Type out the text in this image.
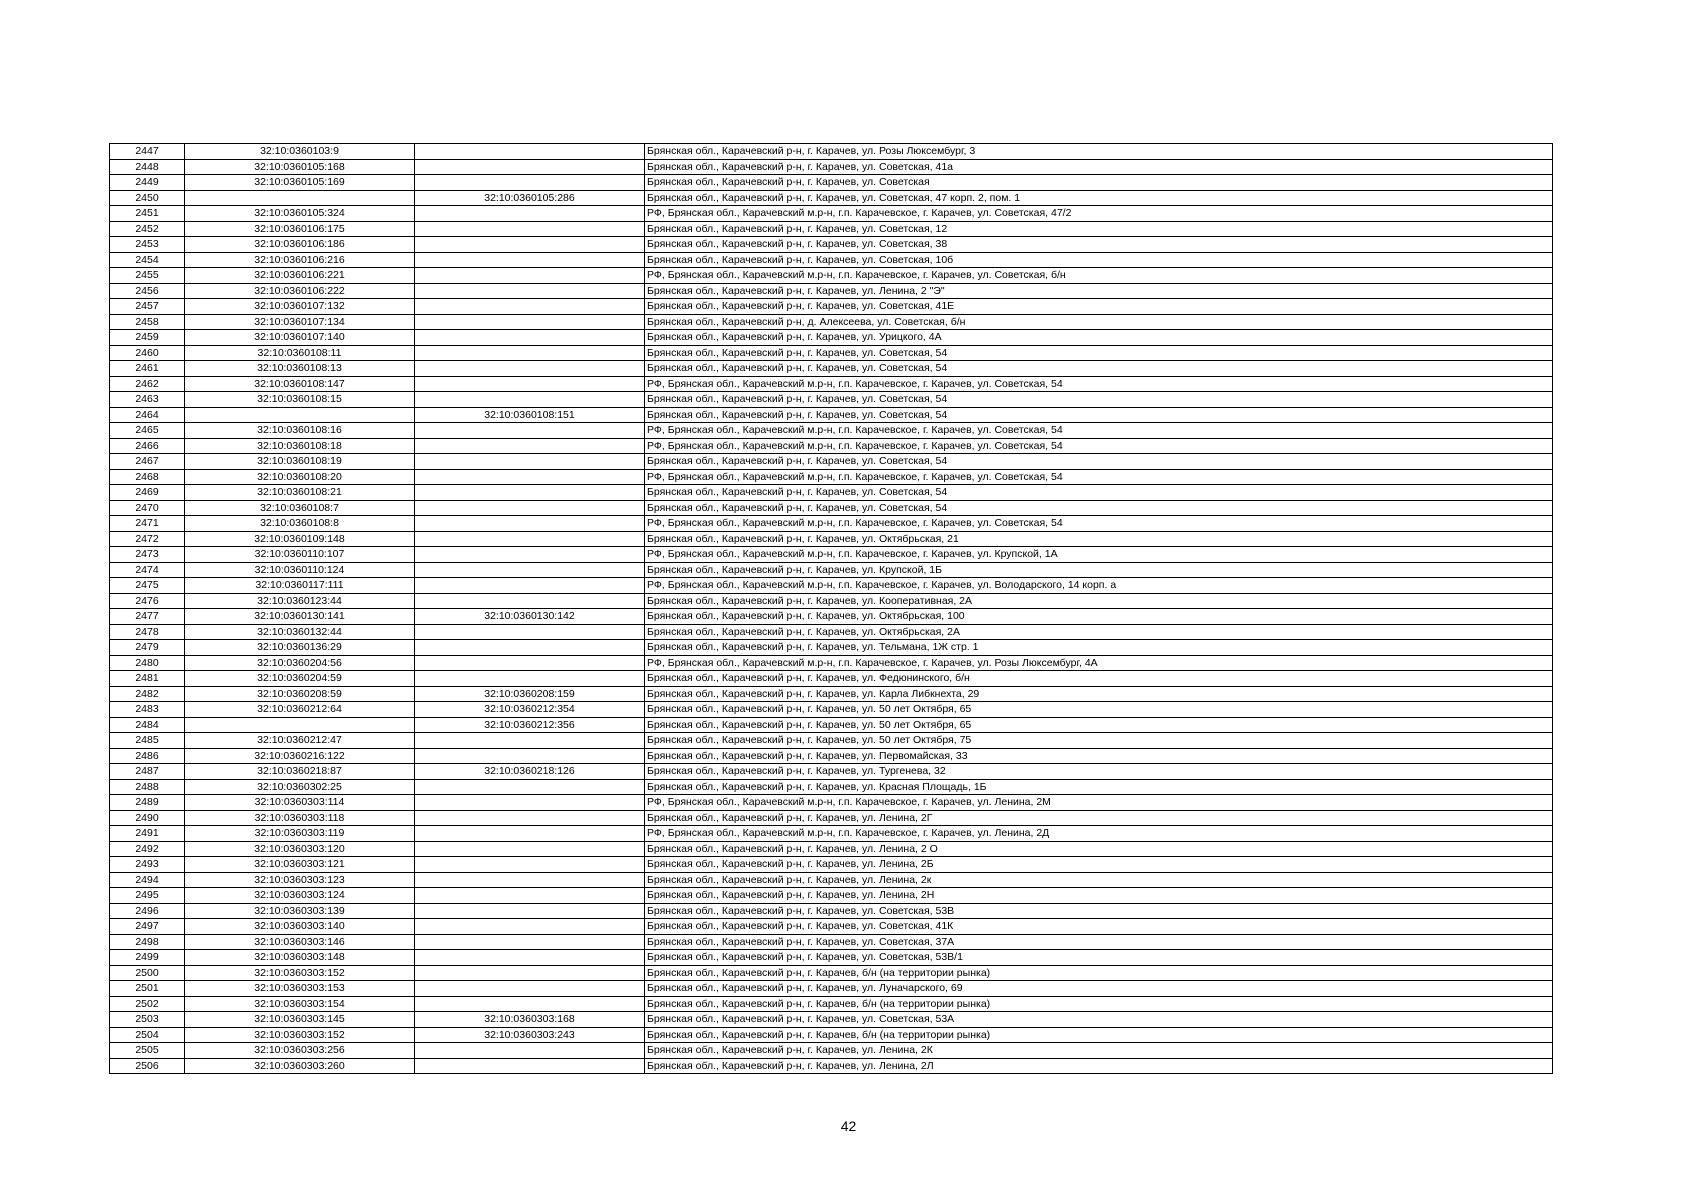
2447	32:10:0360103:9		Брянская обл., Карачевский р-н, г. Карачев, ул. Розы Люксембург, 3
2448	32:10:0360105:168		Брянская обл., Карачевский р-н, г. Карачев, ул. Советская, 41а
2449	32:10:0360105:169		Брянская обл., Карачевский р-н, г. Карачев, ул. Советская
2450		32:10:0360105:286	Брянская обл., Карачевский р-н, г. Карачев, ул. Советская, 47 корп. 2, пом. 1
2451	32:10:0360105:324		РФ, Брянская обл., Карачевский м.р-н, г.п. Карачевское, г. Карачев, ул. Советская, 47/2
2452	32:10:0360106:175		Брянская обл., Карачевский р-н, г. Карачев, ул. Советская, 12
2453	32:10:0360106:186		Брянская обл., Карачевский р-н, г. Карачев, ул. Советская, 38
2454	32:10:0360106:216		Брянская обл., Карачевский р-н, г. Карачев, ул. Советская, 10б
2455	32:10:0360106:221		РФ, Брянская обл., Карачевский м.р-н, г.п. Карачевское, г. Карачев, ул. Советская, б/н
2456	32:10:0360106:222		Брянская обл., Карачевский р-н, г. Карачев, ул. Ленина, 2 "Э"
2457	32:10:0360107:132		Брянская обл., Карачевский р-н, г. Карачев, ул. Советская, 41Е
2458	32:10:0360107:134		Брянская обл., Карачевский р-н, д. Алексеева, ул. Советская, б/н
2459	32:10:0360107:140		Брянская обл., Карачевский р-н, г. Карачев, ул. Урицкого, 4А
2460	32:10:0360108:11		Брянская обл., Карачевский р-н, г. Карачев, ул. Советская, 54
2461	32:10:0360108:13		Брянская обл., Карачевский р-н, г. Карачев, ул. Советская, 54
2462	32:10:0360108:147		РФ, Брянская обл., Карачевский м.р-н, г.п. Карачевское, г. Карачев, ул. Советская, 54
2463	32:10:0360108:15		Брянская обл., Карачевский р-н, г. Карачев, ул. Советская, 54
2464		32:10:0360108:151	Брянская обл., Карачевский р-н, г. Карачев, ул. Советская, 54
2465	32:10:0360108:16		РФ, Брянская обл., Карачевский м.р-н, г.п. Карачевское, г. Карачев, ул. Советская, 54
2466	32:10:0360108:18		РФ, Брянская обл., Карачевский м.р-н, г.п. Карачевское, г. Карачев, ул. Советская, 54
2467	32:10:0360108:19		Брянская обл., Карачевский р-н, г. Карачев, ул. Советская, 54
2468	32:10:0360108:20		РФ, Брянская обл., Карачевский м.р-н, г.п. Карачевское, г. Карачев, ул. Советская, 54
2469	32:10:0360108:21		Брянская обл., Карачевский р-н, г. Карачев, ул. Советская, 54
2470	32:10:0360108:7		Брянская обл., Карачевский р-н, г. Карачев, ул. Советская, 54
2471	32:10:0360108:8		РФ, Брянская обл., Карачевский м.р-н, г.п. Карачевское, г. Карачев, ул. Советская, 54
2472	32:10:0360109:148		Брянская обл., Карачевский р-н, г. Карачев, ул. Октябрьская, 21
2473	32:10:0360110:107		РФ, Брянская обл., Карачевский м.р-н, г.п. Карачевское, г. Карачев, ул. Крупской, 1А
2474	32:10:0360110:124		Брянская обл., Карачевский р-н, г. Карачев, ул. Крупской, 1Б
2475	32:10:0360117:111		РФ, Брянская обл., Карачевский м.р-н, г.п. Карачевское, г. Карачев, ул. Володарского, 14 корп. а
2476	32:10:0360123:44		Брянская обл., Карачевский р-н, г. Карачев, ул. Кооперативная, 2А
2477	32:10:0360130:141	32:10:0360130:142	Брянская обл., Карачевский р-н, г. Карачев, ул. Октябрьская, 100
2478	32:10:0360132:44		Брянская обл., Карачевский р-н, г. Карачев, ул. Октябрьская, 2А
2479	32:10:0360136:29		Брянская обл., Карачевский р-н, г. Карачев, ул. Тельмана, 1Ж стр. 1
2480	32:10:0360204:56		РФ, Брянская обл., Карачевский м.р-н, г.п. Карачевское, г. Карачев, ул. Розы Люксембург, 4А
2481	32:10:0360204:59		Брянская обл., Карачевский р-н, г. Карачев, ул. Федюнинского, б/н
2482	32:10:0360208:59	32:10:0360208:159	Брянская обл., Карачевский р-н, г. Карачев, ул. Карла Либкнехта, 29
2483	32:10:0360212:64	32:10:0360212:354	Брянская обл., Карачевский р-н, г. Карачев, ул. 50 лет Октября, 65
2484		32:10:0360212:356	Брянская обл., Карачевский р-н, г. Карачев, ул. 50 лет Октября, 65
2485	32:10:0360212:47		Брянская обл., Карачевский р-н, г. Карачев, ул. 50 лет Октября, 75
2486	32:10:0360216:122		Брянская обл., Карачевский р-н, г. Карачев, ул. Первомайская, 33
2487	32:10:0360218:87	32:10:0360218:126	Брянская обл., Карачевский р-н, г. Карачев, ул. Тургенева, 32
2488	32:10:0360302:25		Брянская обл., Карачевский р-н, г. Карачев, ул. Красная Площадь, 1Б
2489	32:10:0360303:114		РФ, Брянская обл., Карачевский м.р-н, г.п. Карачевское, г. Карачев, ул. Ленина, 2М
2490	32:10:0360303:118		Брянская обл., Карачевский р-н, г. Карачев, ул. Ленина, 2Г
2491	32:10:0360303:119		РФ, Брянская обл., Карачевский м.р-н, г.п. Карачевское, г. Карачев, ул. Ленина, 2Д
2492	32:10:0360303:120		Брянская обл., Карачевский р-н, г. Карачев, ул. Ленина, 2 О
2493	32:10:0360303:121		Брянская обл., Карачевский р-н, г. Карачев, ул. Ленина, 2Б
2494	32:10:0360303:123		Брянская обл., Карачевский р-н, г. Карачев, ул. Ленина, 2к
2495	32:10:0360303:124		Брянская обл., Карачевский р-н, г. Карачев, ул. Ленина, 2Н
2496	32:10:0360303:139		Брянская обл., Карачевский р-н, г. Карачев, ул. Советская, 53В
2497	32:10:0360303:140		Брянская обл., Карачевский р-н, г. Карачев, ул. Советская, 41К
2498	32:10:0360303:146		Брянская обл., Карачевский р-н, г. Карачев, ул. Советская, 37А
2499	32:10:0360303:148		Брянская обл., Карачевский р-н, г. Карачев, ул. Советская, 53В/1
2500	32:10:0360303:152		Брянская обл., Карачевский р-н, г. Карачев, б/н (на территории рынка)
2501	32:10:0360303:153		Брянская обл., Карачевский р-н, г. Карачев, ул. Луначарского, 69
2502	32:10:0360303:154		Брянская обл., Карачевский р-н, г. Карачев, б/н (на территории рынка)
2503	32:10:0360303:145	32:10:0360303:168	Брянская обл., Карачевский р-н, г. Карачев, ул. Советская, 53А
2504	32:10:0360303:152	32:10:0360303:243	Брянская обл., Карачевский р-н, г. Карачев, б/н (на территории рынка)
2505	32:10:0360303:256		Брянская обл., Карачевский р-н, г. Карачев, ул. Ленина, 2К
2506	32:10:0360303:260		Брянская обл., Карачевский р-н, г. Карачев, ул. Ленина, 2Л
42
